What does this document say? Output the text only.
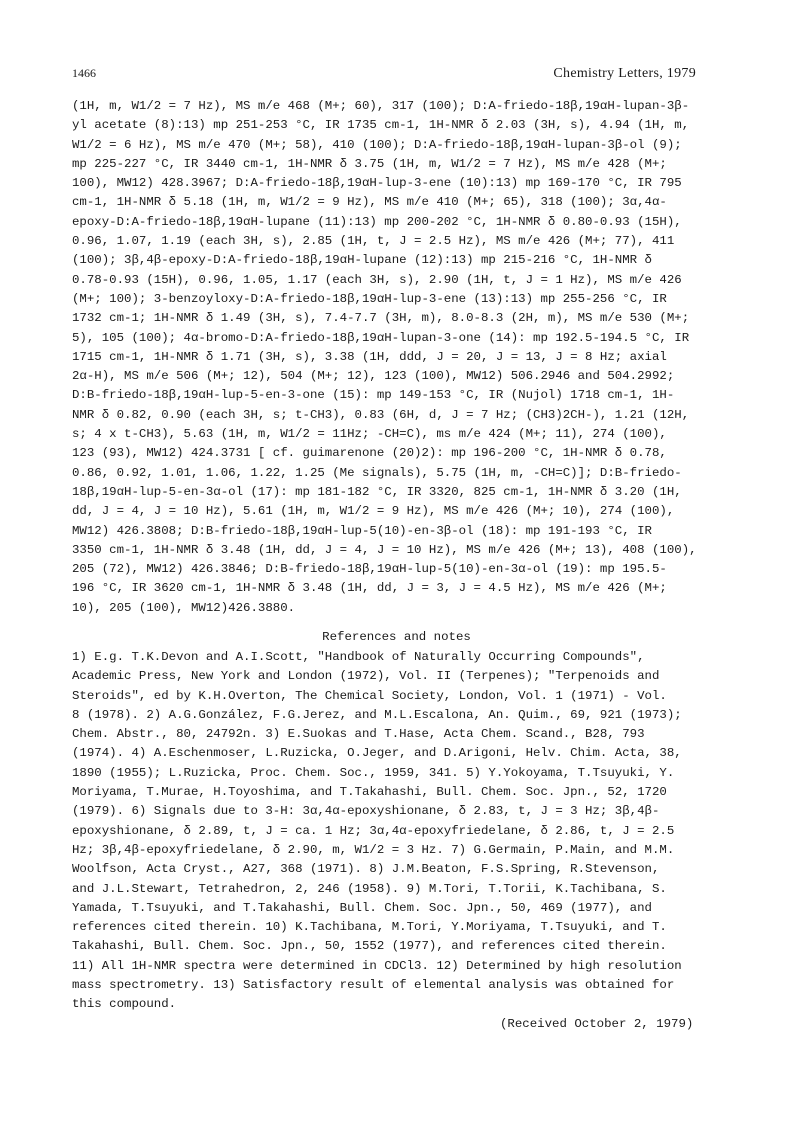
1466	Chemistry Letters, 1979
(1H, m, W1/2 = 7 Hz), MS m/e 468 (M+; 60), 317 (100); D:A-friedo-18β,19αH-lupan-3β-
yl acetate (8):13) mp 251-253 °C, IR 1735 cm-1, 1H-NMR δ 2.03 (3H, s), 4.94 (1H, m,
W1/2 = 6 Hz), MS m/e 470 (M+; 58), 410 (100); D:A-friedo-18β,19αH-lupan-3β-ol (9);
mp 225-227 °C, IR 3440 cm-1, 1H-NMR δ 3.75 (1H, m, W1/2 = 7 Hz), MS m/e 428 (M+;
100), MW12) 428.3967; D:A-friedo-18β,19αH-lup-3-ene (10):13) mp 169-170 °C, IR 795
cm-1, 1H-NMR δ 5.18 (1H, m, W1/2 = 9 Hz), MS m/e 410 (M+; 65), 318 (100); 3α,4α-
epoxy-D:A-friedo-18β,19αH-lupane (11):13) mp 200-202 °C, 1H-NMR δ 0.80-0.93 (15H),
0.96, 1.07, 1.19 (each 3H, s), 2.85 (1H, t, J = 2.5 Hz), MS m/e 426 (M+; 77), 411
(100); 3β,4β-epoxy-D:A-friedo-18β,19αH-lupane (12):13) mp 215-216 °C, 1H-NMR δ
0.78-0.93 (15H), 0.96, 1.05, 1.17 (each 3H, s), 2.90 (1H, t, J = 1 Hz), MS m/e 426
(M+; 100); 3-benzoyloxy-D:A-friedo-18β,19αH-lup-3-ene (13):13) mp 255-256 °C, IR
1732 cm-1; 1H-NMR δ 1.49 (3H, s), 7.4-7.7 (3H, m), 8.0-8.3 (2H, m), MS m/e 530 (M+;
5), 105 (100); 4α-bromo-D:A-friedo-18β,19αH-lupan-3-one (14): mp 192.5-194.5 °C, IR
1715 cm-1, 1H-NMR δ 1.71 (3H, s), 3.38 (1H, ddd, J = 20, J = 13, J = 8 Hz; axial
2α-H), MS m/e 506 (M+; 12), 504 (M+; 12), 123 (100), MW12) 506.2946 and 504.2992;
D:B-friedo-18β,19αH-lup-5-en-3-one (15): mp 149-153 °C, IR (Nujol) 1718 cm-1, 1H-
NMR δ 0.82, 0.90 (each 3H, s; t-CH3), 0.83 (6H, d, J = 7 Hz; (CH3)2CH-), 1.21 (12H,
s; 4 x t-CH3), 5.63 (1H, m, W1/2 = 11Hz; -CH=C), ms m/e 424 (M+; 11), 274 (100),
123 (93), MW12) 424.3731 [ cf. guimarenone (20)2): mp 196-200 °C, 1H-NMR δ 0.78,
0.86, 0.92, 1.01, 1.06, 1.22, 1.25 (Me signals), 5.75 (1H, m, -CH=C)]; D:B-friedo-
18β,19αH-lup-5-en-3α-ol (17): mp 181-182 °C, IR 3320, 825 cm-1, 1H-NMR δ 3.20 (1H,
dd, J = 4, J = 10 Hz), 5.61 (1H, m, W1/2 = 9 Hz), MS m/e 426 (M+; 10), 274 (100),
MW12) 426.3808; D:B-friedo-18β,19αH-lup-5(10)-en-3β-ol (18): mp 191-193 °C, IR
3350 cm-1, 1H-NMR δ 3.48 (1H, dd, J = 4, J = 10 Hz), MS m/e 426 (M+; 13), 408 (100),
205 (72), MW12) 426.3846; D:B-friedo-18β,19αH-lup-5(10)-en-3α-ol (19): mp 195.5-
196 °C, IR 3620 cm-1, 1H-NMR δ 3.48 (1H, dd, J = 3, J = 4.5 Hz), MS m/e 426 (M+;
10), 205 (100), MW12)426.3880.
References and notes
1) E.g. T.K.Devon and A.I.Scott, "Handbook of Naturally Occurring Compounds",
Academic Press, New York and London (1972), Vol. II (Terpenes); "Terpenoids and
Steroids", ed by K.H.Overton, The Chemical Society, London, Vol. 1 (1971) - Vol.
8 (1978). 2) A.G.González, F.G.Jerez, and M.L.Escalona, An. Quim., 69, 921 (1973);
Chem. Abstr., 80, 24792n. 3) E.Suokas and T.Hase, Acta Chem. Scand., B28, 793
(1974). 4) A.Eschenmoser, L.Ruzicka, O.Jeger, and D.Arigoni, Helv. Chim. Acta, 38,
1890 (1955); L.Ruzicka, Proc. Chem. Soc., 1959, 341. 5) Y.Yokoyama, T.Tsuyuki, Y.
Moriyama, T.Murae, H.Toyoshima, and T.Takahashi, Bull. Chem. Soc. Jpn., 52, 1720
(1979). 6) Signals due to 3-H: 3α,4α-epoxyshionane, δ 2.83, t, J = 3 Hz; 3β,4β-
epoxyshionane, δ 2.89, t, J = ca. 1 Hz; 3α,4α-epoxyfriedelane, δ 2.86, t, J = 2.5
Hz; 3β,4β-epoxyfriedelane, δ 2.90, m, W1/2 = 3 Hz. 7) G.Germain, P.Main, and M.M.
Woolfson, Acta Cryst., A27, 368 (1971). 8) J.M.Beaton, F.S.Spring, R.Stevenson,
and J.L.Stewart, Tetrahedron, 2, 246 (1958). 9) M.Tori, T.Torii, K.Tachibana, S.
Yamada, T.Tsuyuki, and T.Takahashi, Bull. Chem. Soc. Jpn., 50, 469 (1977), and
references cited therein. 10) K.Tachibana, M.Tori, Y.Moriyama, T.Tsuyuki, and T.
Takahashi, Bull. Chem. Soc. Jpn., 50, 1552 (1977), and references cited therein.
11) All 1H-NMR spectra were determined in CDCl3. 12) Determined by high resolution
mass spectrometry. 13) Satisfactory result of elemental analysis was obtained for
this compound.
(Received October 2, 1979)
